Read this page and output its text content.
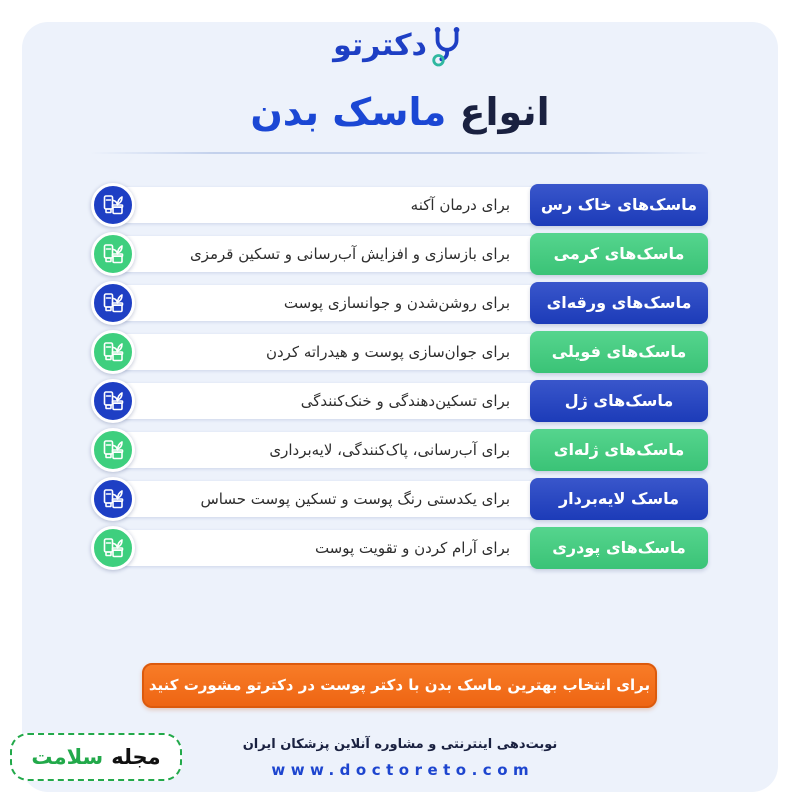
دکترتو
انواع ماسک بدن
برای درمان آکنه	ماسک‌های خاک رس
برای بازسازی و افزایش آب‌رسانی و تسکین قرمزی	ماسک‌های کرمی
برای روشن‌شدن و جوانسازی پوست	ماسک‌های ورقه‌ای
برای جوان‌سازی پوست و هیدراته کردن	ماسک‌های فویلی
برای تسکین‌دهندگی و خنک‌کنندگی	ماسک‌های ژل
برای آب‌رسانی، پاک‌کنندگی، لایه‌برداری	ماسک‌های ژله‌ای
برای یکدستی رنگ پوست و تسکین پوست حساس	ماسک لایه‌بردار
برای آرام کردن و تقویت پوست	ماسک‌های پودری
برای انتخاب بهترین ماسک بدن با دکتر پوست در دکترتو مشورت کنید
نوبت‌دهی اینترنتی و مشاوره آنلاین پزشکان ایران
www.doctoreto.com
مجله
سلامت
